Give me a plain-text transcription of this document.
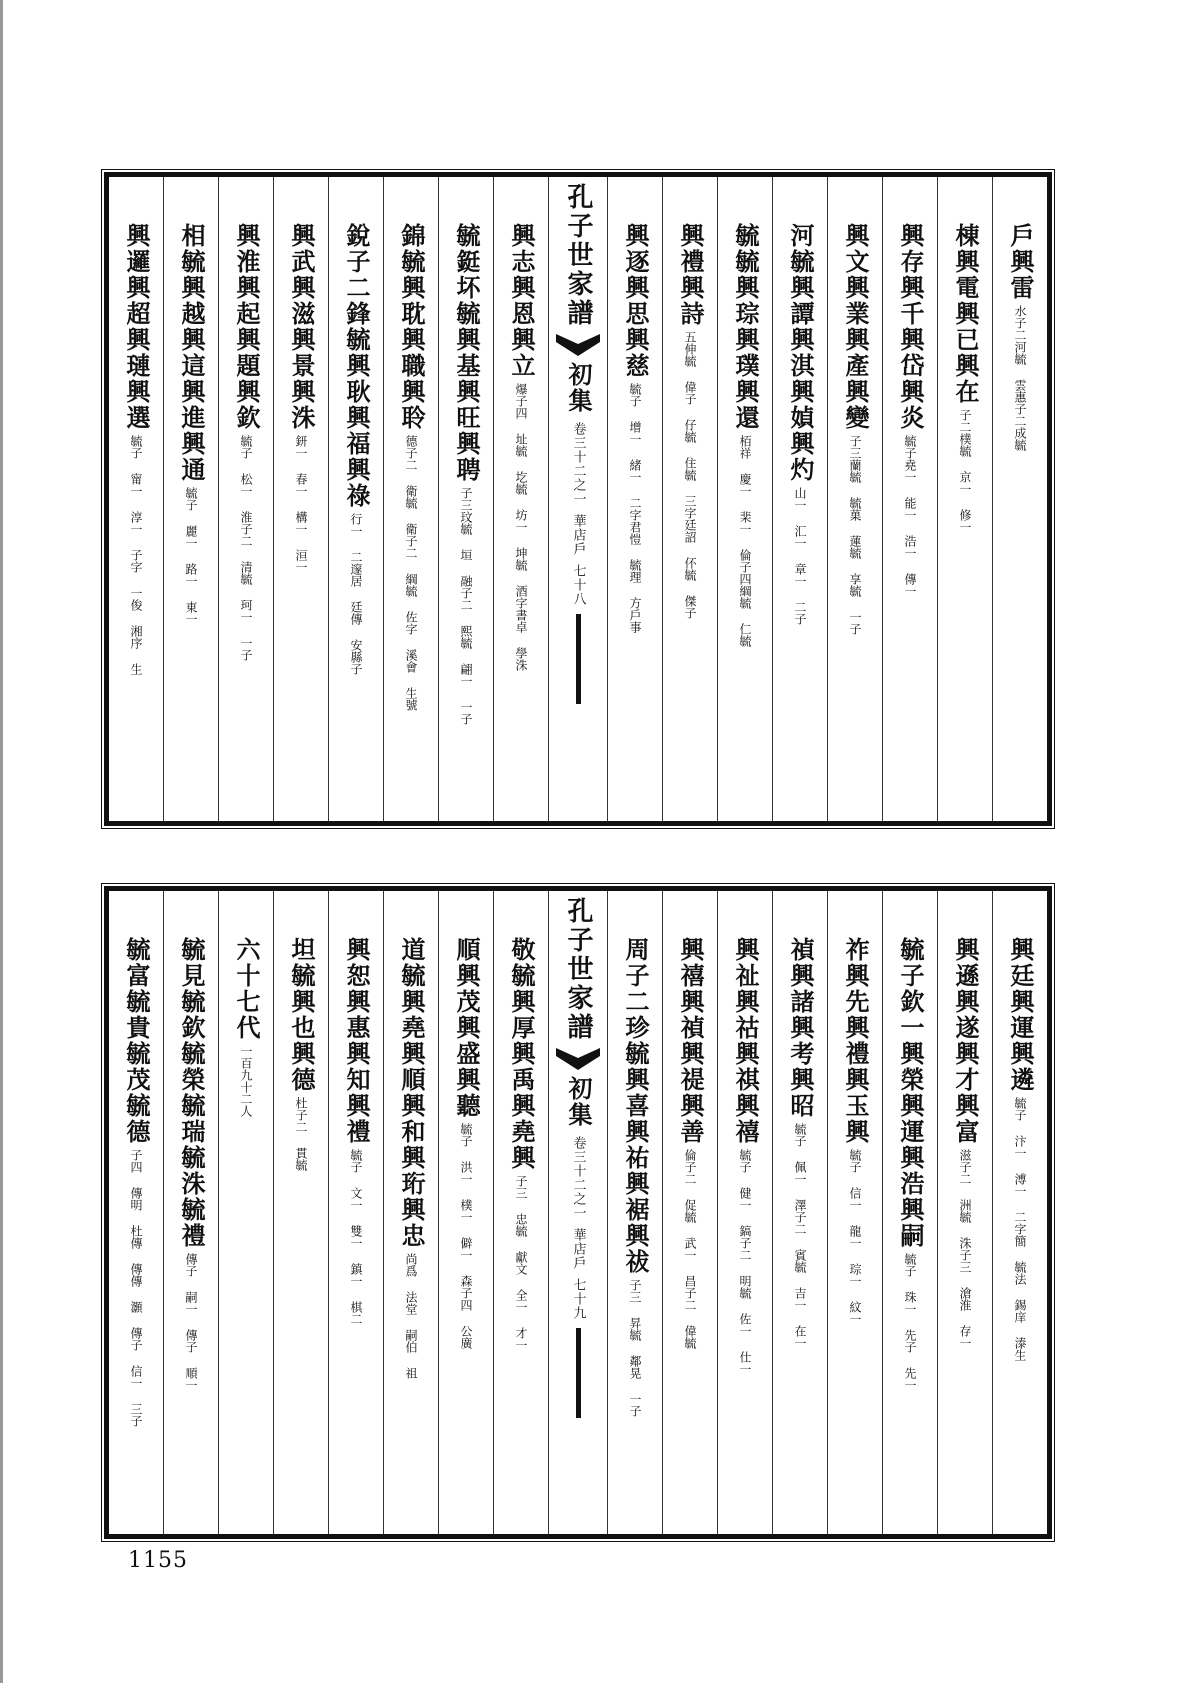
戶興雷
水子二河毓 雲惠子二成毓
棟興電興已興在
子二樸毓 京一 修一
興存興千興岱興炎
毓子堯一 能一 浩一 傳一
興文興業興產興變
子三蘭毓 毓菓 蓮毓 享毓 一子
河毓興譚興淇興媜興灼
山一 汇一 章一 二子
毓毓興琮興璞興還
栢祥 慶一 棐一 倫子四綱毓 仁毓
興禮興詩
五伸毓 偉子 仔毓 住毓 三字廷詔 伓毓 傑子
興逐興思興慈
毓子 增一 緒一 二字君愷 毓理 方戶事
孔子世家譜
初集
卷三十二之一
華店戶
七十八
興志興恩興立
爆子四 址毓 圪毓 坊一 坤毓 酒字書卓 學洙
毓鋌坏毓興基興旺興聘
子三玟毓 垣 融子二 熙毓 翩一 一子
錦毓興耽興職興聆
德子二 衛毓 衛子二 綱毓 佐字 溪會 生號
銳子二鋒毓興耿興福興祿
行一 二邃居 廷傳 安縣子
興武興滋興景興洙
鈃一 春一 構一 洹一
興淮興起興題興欽
毓子 松一 淮子二 清毓 珂一 一子
相毓興越興這興進興通
毓子 麗一 路一 東一
興邏興超興璉興選
毓子 甯一 淳一 子字 一俊 湘序 生
興廷興運興遴
毓子 汴一 溥一 二字簡 毓法 錫庠 溙生
興遜興遂興才興富
滋子二 洲毓 洙子三 滄淮 存一
毓子欽一興榮興運興浩興嗣
毓子 珠一 先子 先一
祚興先興禮興玉興
毓子 信一 龍一 琮一 紋一
禎興諸興考興昭
毓子 佩一 澤子二 賓毓 吉一 在一
興祉興祜興祺興禧
毓子 健一 鎬子二 明毓 佐一 仕一
興禧興禎興禔興善
倫子二 促毓 武一 昌子二 偉毓
周子二珍毓興喜興祐興裾興祓
子三 昇毓 鄰晃 一子
孔子世家譜
初集
卷三十二之一
華店戶
七十九
敬毓興厚興禹興堯興
子三 忠毓 獻文 全一 才一
順興茂興盛興聽
毓子 洪一 樸一 僻一 森子四 公廣
道毓興堯興順興和興珩興忠
尚爲 法堂 嗣伯 祖
興恕興惠興知興禮
毓子 文一 雙一 鎮一 棋二
坦毓興也興德
杜子二 貫毓
六十七代
一百九十二人
毓見毓欽毓榮毓瑞毓洙毓禮
傳子 嗣一 傳子 順一
毓富毓貴毓茂毓德
子四 傳明 杜傳 傳傳 灝 傳子 信一 三子
1155
